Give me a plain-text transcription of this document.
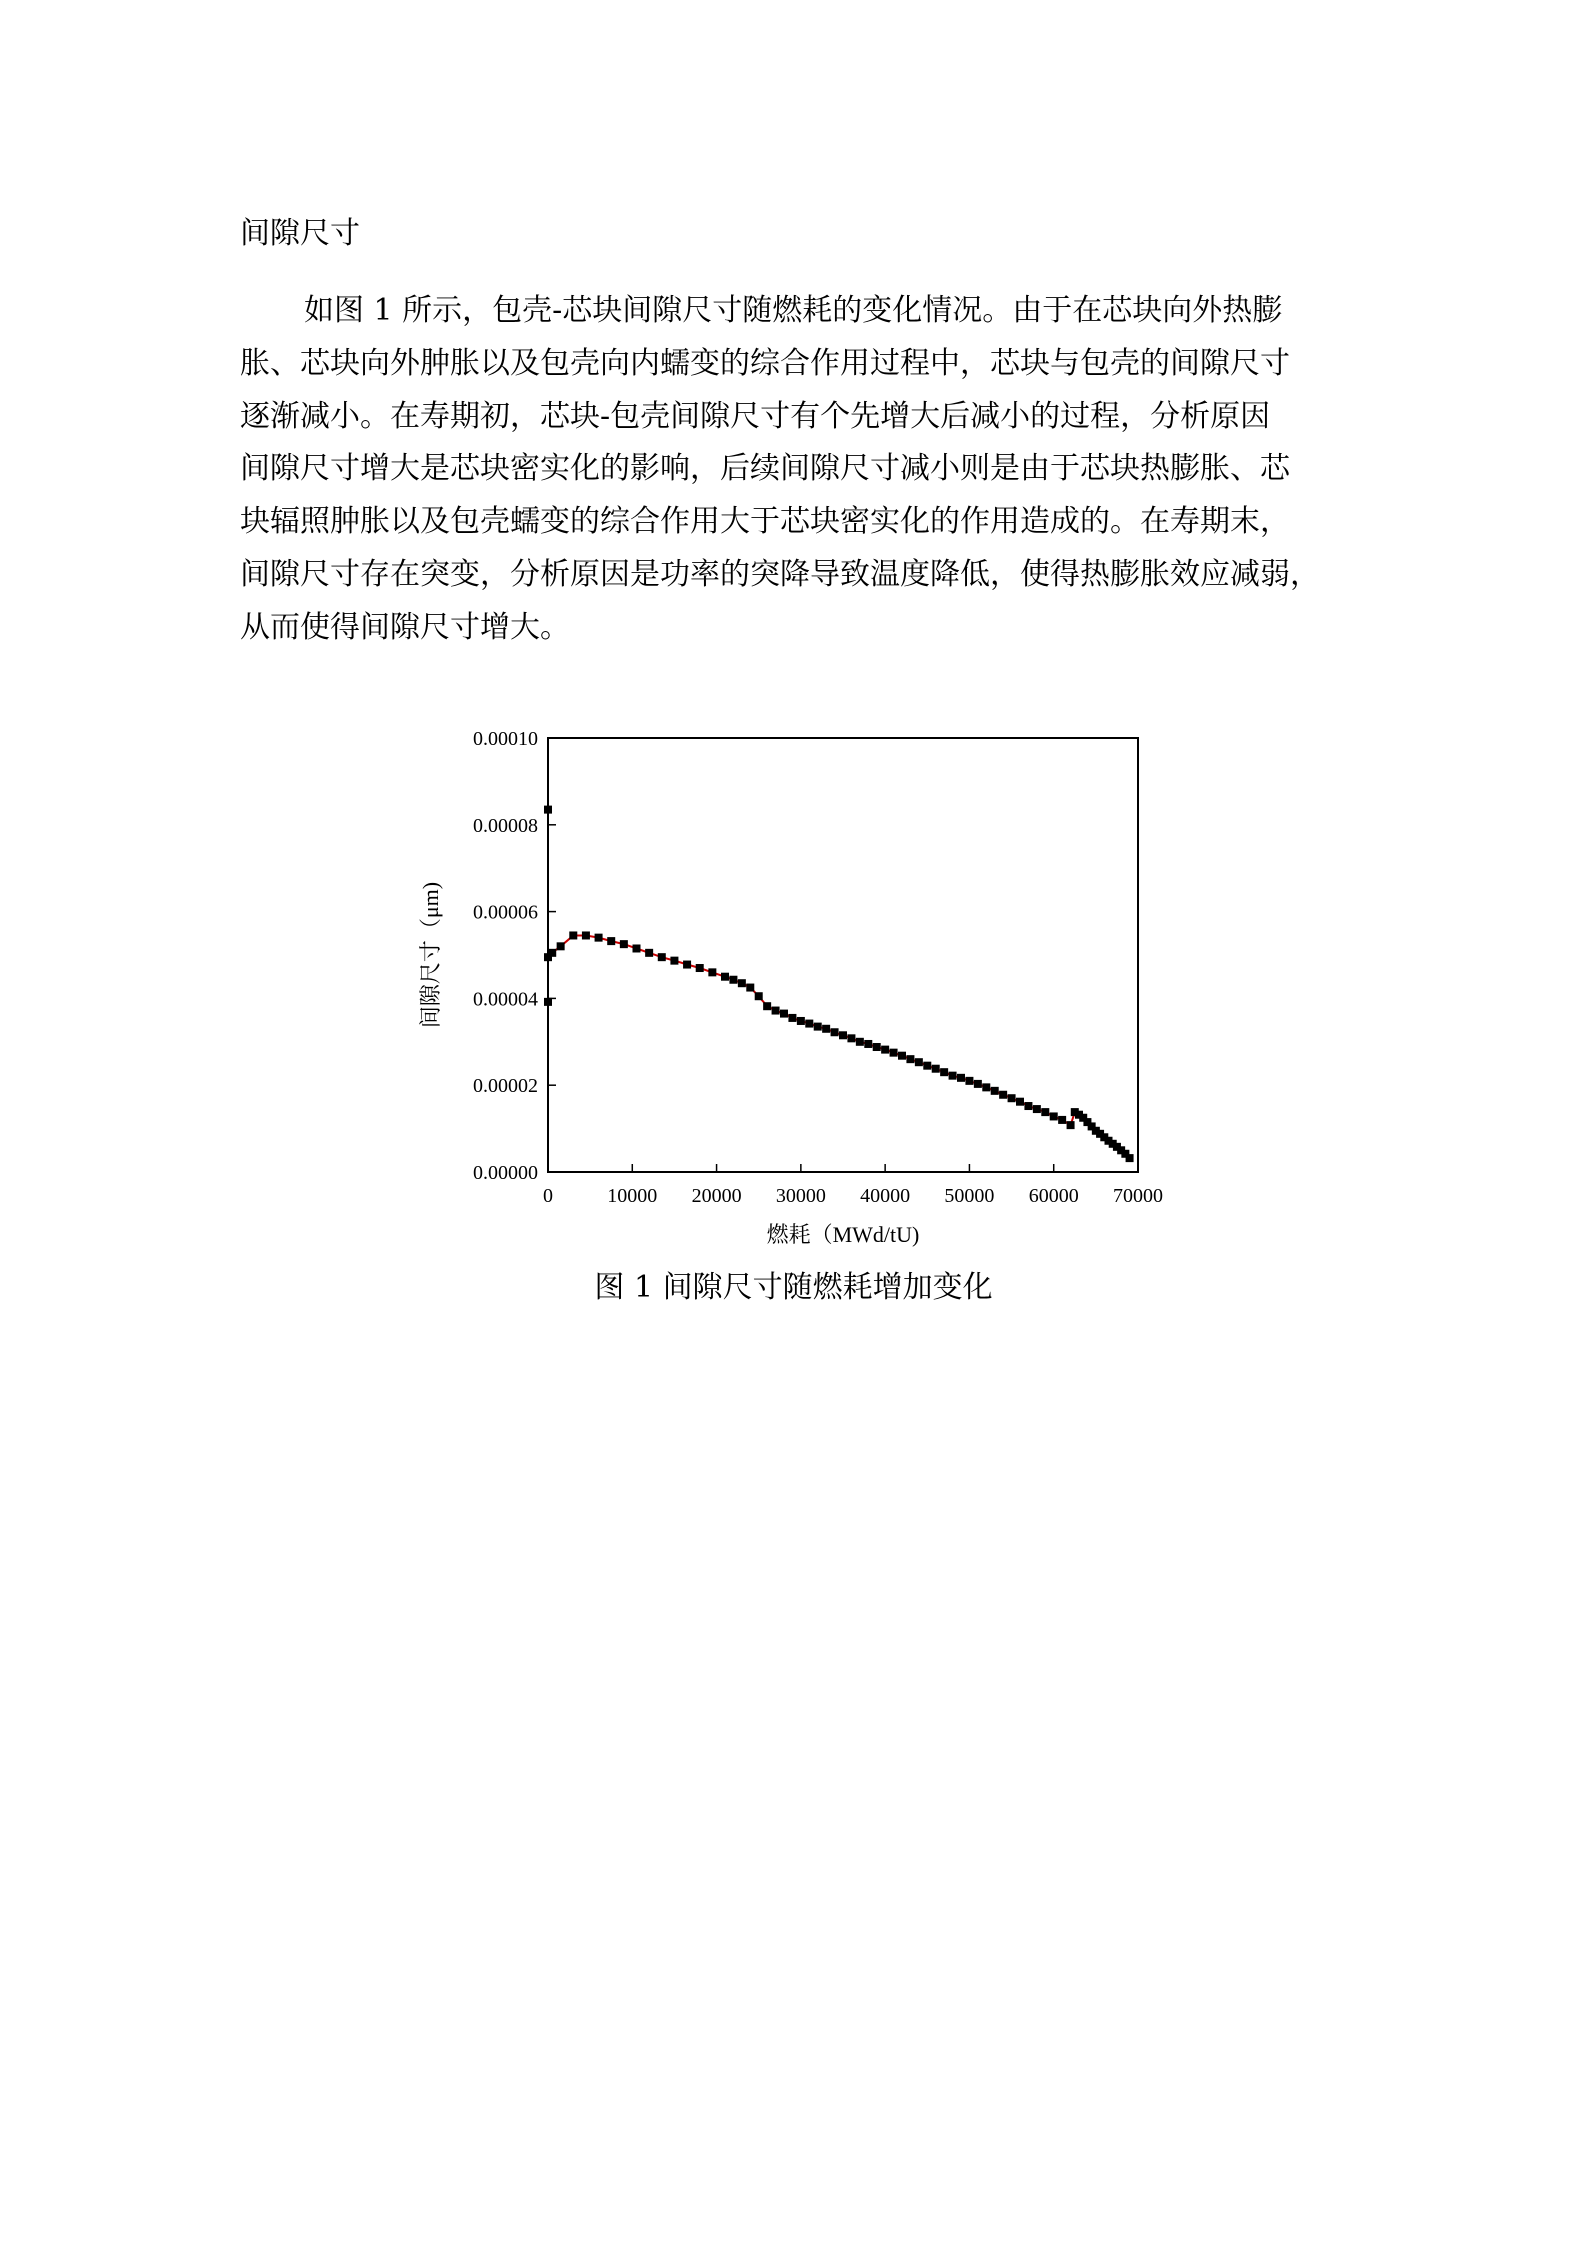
间隙尺寸
如图 1 所示，包壳-芯块间隙尺寸随燃耗的变化情况。由于在芯块向外热膨
胀、芯块向外肿胀以及包壳向内蠕变的综合作用过程中，芯块与包壳的间隙尺寸
逐渐减小。在寿期初，芯块-包壳间隙尺寸有个先增大后减小的过程，分析原因
间隙尺寸增大是芯块密实化的影响，后续间隙尺寸减小则是由于芯块热膨胀、芯
块辐照肿胀以及包壳蠕变的综合作用大于芯块密实化的作用造成的。在寿期末，
间隙尺寸存在突变，分析原因是功率的突降导致温度降低，使得热膨胀效应减弱，
从而使得间隙尺寸增大。
0	10000 20000 30000 40000 50000 60000 70000
0.00000
0.00002
0.00004
0.00006
0.00008
0.00010
燃耗（MWd/tU)
间隙尺寸（μm)
图 1 间隙尺寸随燃耗增加变化
